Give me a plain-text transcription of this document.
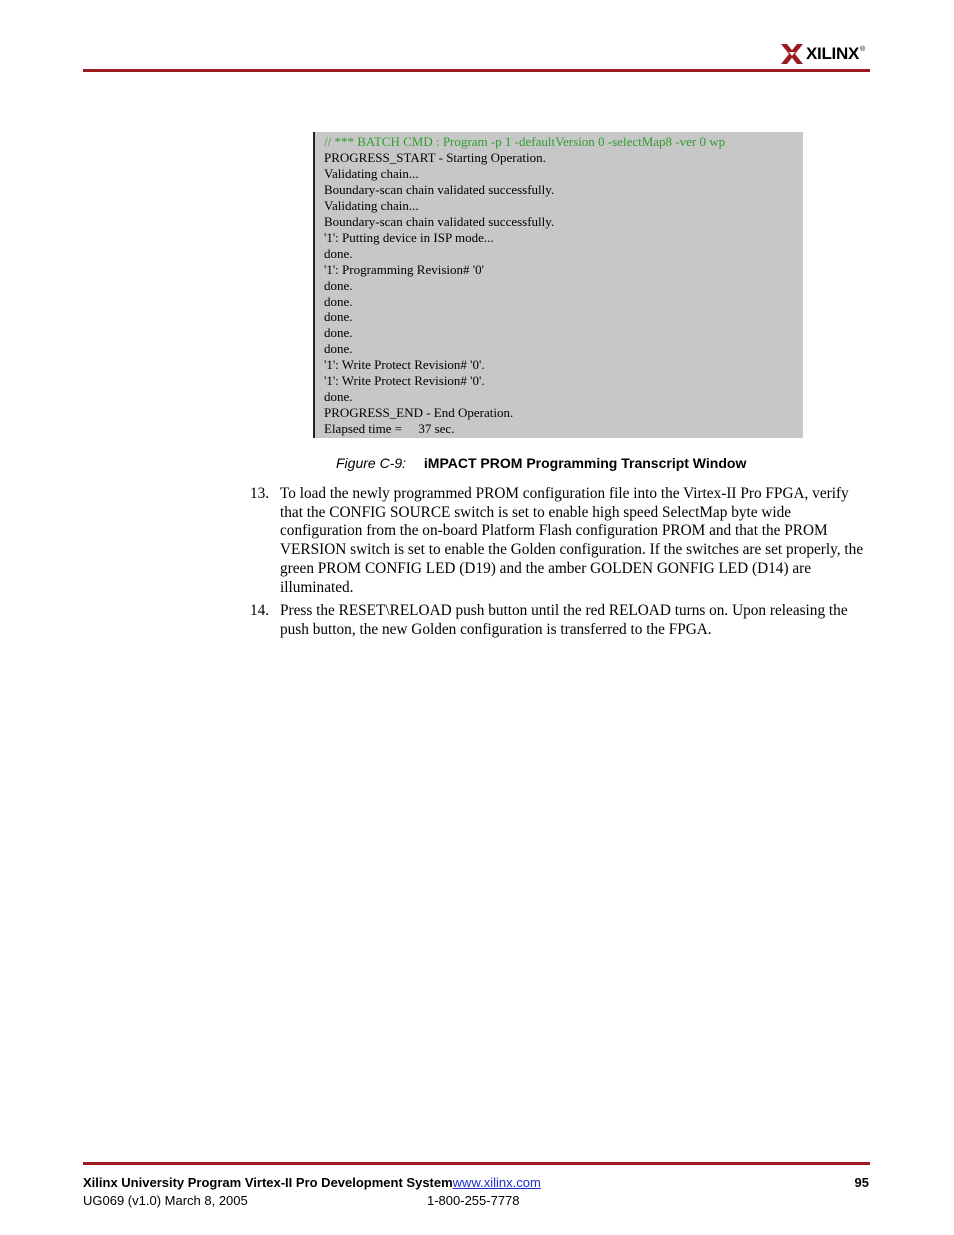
XILINX ®
// *** BATCH CMD : Program -p 1 -defaultVersion 0 -selectMap8 -ver 0 wp
PROGRESS_START - Starting Operation.
Validating chain...
Boundary-scan chain validated successfully.
Validating chain...
Boundary-scan chain validated successfully.
'1': Putting device in ISP mode...
done.
'1': Programming Revision# '0'
done.
done.
done.
done.
done.
'1': Write Protect Revision# '0'.
'1': Write Protect Revision# '0'.
done.
PROGRESS_END - End Operation.
Elapsed time =     37 sec.
Figure C-9: iMPACT PROM Programming Transcript Window
13. To load the newly programmed PROM configuration file into the Virtex-II Pro FPGA, verify that the CONFIG SOURCE switch is set to enable high speed SelectMap byte wide configuration from the on-board Platform Flash configuration PROM and that the PROM VERSION switch is set to enable the Golden configuration. If the switches are set properly, the green PROM CONFIG LED (D19) and the amber GOLDEN GONFIG LED (D14) are illuminated.
14. Press the RESET\RELOAD push button until the red RELOAD turns on. Upon releasing the push button, the new Golden configuration is transferred to the FPGA.
Xilinx University Program Virtex-II Pro Development Systemwww.xilinx.com	95
UG069 (v1.0) March 8, 2005	1-800-255-7778
